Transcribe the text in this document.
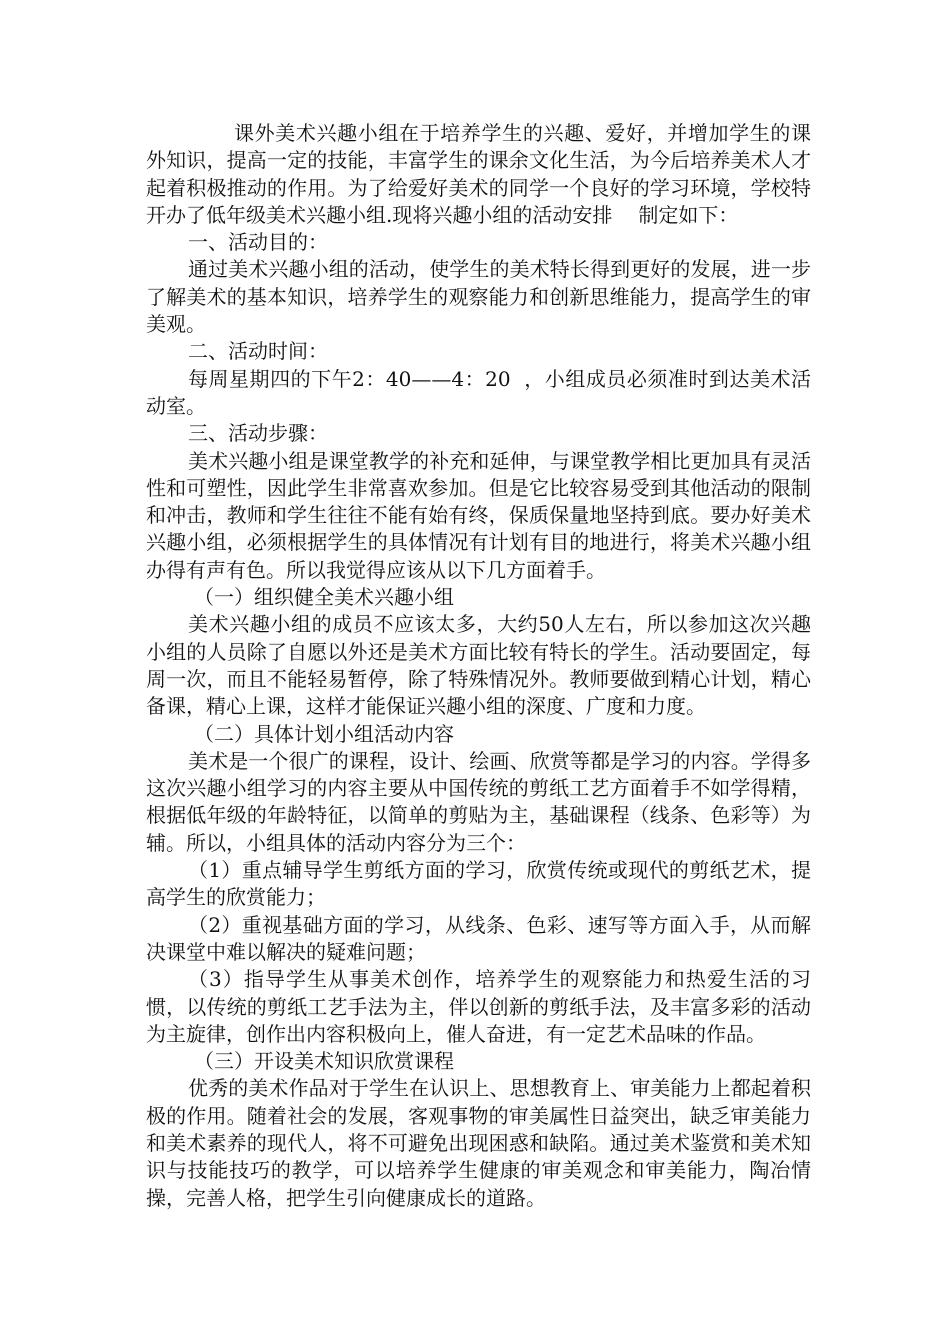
课外美术兴趣小组在于培养学生的兴趣、爱好，并增加学生的课外知识，提高一定的技能，丰富学生的课余文化生活，为今后培养美术人才起着积极推动的作用。为了给爱好美术的同学一个良好的学习环境，学校特开办了低年级美术兴趣小组.现将兴趣小组的活动安排 制定如下：

一、活动目的：

通过美术兴趣小组的活动，使学生的美术特长得到更好的发展，进一步了解美术的基本知识，培养学生的观察能力和创新思维能力，提高学生的审美观。

二、活动时间：

每周星期四的下午2：40——4：20  ，小组成员必须准时到达美术活动室。

三、活动步骤：

美术兴趣小组是课堂教学的补充和延伸，与课堂教学相比更加具有灵活性和可塑性，因此学生非常喜欢参加。但是它比较容易受到其他活动的限制和冲击，教师和学生往往不能有始有终，保质保量地坚持到底。要办好美术兴趣小组，必须根据学生的具体情况有计划有目的地进行，将美术兴趣小组办得有声有色。所以我觉得应该从以下几方面着手。

（一）组织健全美术兴趣小组

美术兴趣小组的成员不应该太多，大约50人左右，所以参加这次兴趣小组的人员除了自愿以外还是美术方面比较有特长的学生。活动要固定，每周一次，而且不能轻易暂停，除了特殊情况外。教师要做到精心计划，精心备课，精心上课，这样才能保证兴趣小组的深度、广度和力度。

（二）具体计划小组活动内容

美术是一个很广的课程，设计、绘画、欣赏等都是学习的内容。学得多这次兴趣小组学习的内容主要从中国传统的剪纸工艺方面着手不如学得精，根据低年级的年龄特征，以简单的剪贴为主，基础课程（线条、色彩等）为辅。所以，小组具体的活动内容分为三个：

（1）重点辅导学生剪纸方面的学习，欣赏传统或现代的剪纸艺术，提高学生的欣赏能力；

（2）重视基础方面的学习，从线条、色彩、速写等方面入手，从而解决课堂中难以解决的疑难问题；

（3）指导学生从事美术创作，培养学生的观察能力和热爱生活的习惯，以传统的剪纸工艺手法为主，伴以创新的剪纸手法，及丰富多彩的活动为主旋律，创作出内容积极向上，催人奋进，有一定艺术品味的作品。

（三）开设美术知识欣赏课程

优秀的美术作品对于学生在认识上、思想教育上、审美能力上都起着积极的作用。随着社会的发展，客观事物的审美属性日益突出，缺乏审美能力和美术素养的现代人，将不可避免出现困惑和缺陷。通过美术鉴赏和美术知识与技能技巧的教学，可以培养学生健康的审美观念和审美能力，陶冶情操，完善人格，把学生引向健康成长的道路。
